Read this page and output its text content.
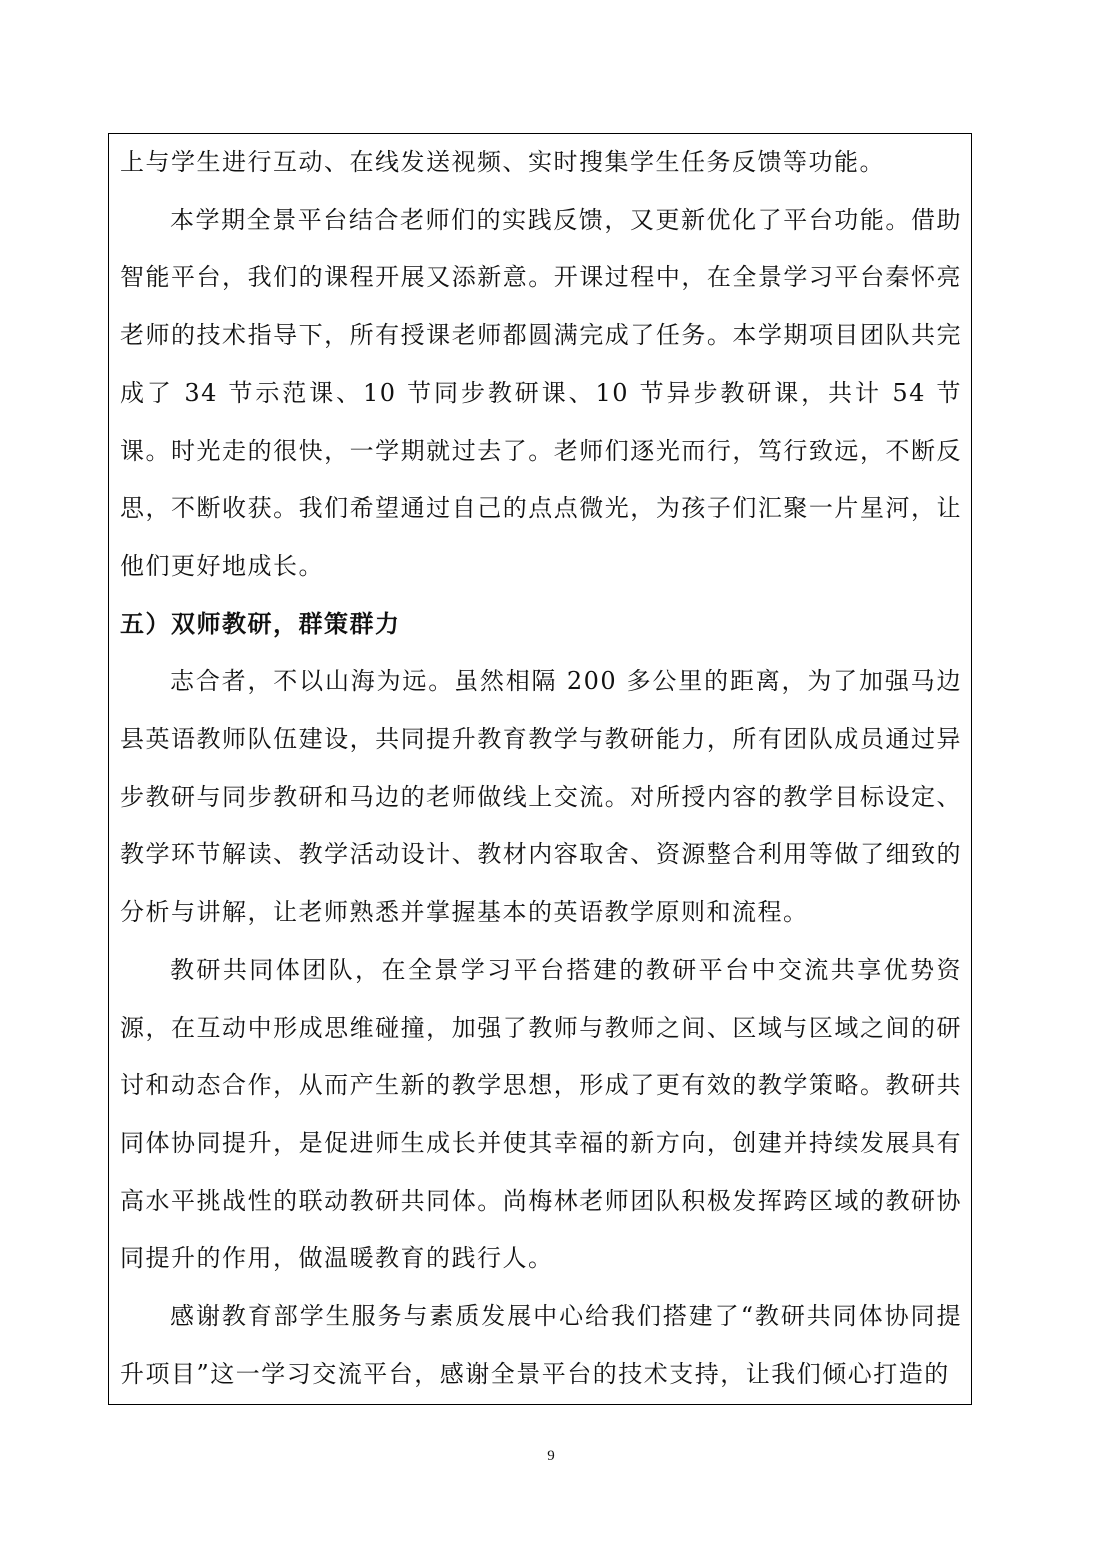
上与学生进行互动、在线发送视频、实时搜集学生任务反馈等功能。

本学期全景平台结合老师们的实践反馈，又更新优化了平台功能。借助智能平台，我们的课程开展又添新意。开课过程中，在全景学习平台秦怀亮老师的技术指导下，所有授课老师都圆满完成了任务。本学期项目团队共完成了 34 节示范课、10 节同步教研课、10 节异步教研课，共计 54 节课。时光走的很快，一学期就过去了。老师们逐光而行，笃行致远，不断反思，不断收获。我们希望通过自己的点点微光，为孩子们汇聚一片星河，让他们更好地成长。

五）双师教研，群策群力

志合者，不以山海为远。虽然相隔 200 多公里的距离，为了加强马边县英语教师队伍建设，共同提升教育教学与教研能力，所有团队成员通过异步教研与同步教研和马边的老师做线上交流。对所授内容的教学目标设定、教学环节解读、教学活动设计、教材内容取舍、资源整合利用等做了细致的分析与讲解，让老师熟悉并掌握基本的英语教学原则和流程。

教研共同体团队，在全景学习平台搭建的教研平台中交流共享优势资源，在互动中形成思维碰撞，加强了教师与教师之间、区域与区域之间的研讨和动态合作，从而产生新的教学思想，形成了更有效的教学策略。教研共同体协同提升，是促进师生成长并使其幸福的新方向，创建并持续发展具有高水平挑战性的联动教研共同体。尚梅林老师团队积极发挥跨区域的教研协同提升的作用，做温暖教育的践行人。

感谢教育部学生服务与素质发展中心给我们搭建了“教研共同体协同提升项目”这一学习交流平台，感谢全景平台的技术支持，让我们倾心打造的

9
